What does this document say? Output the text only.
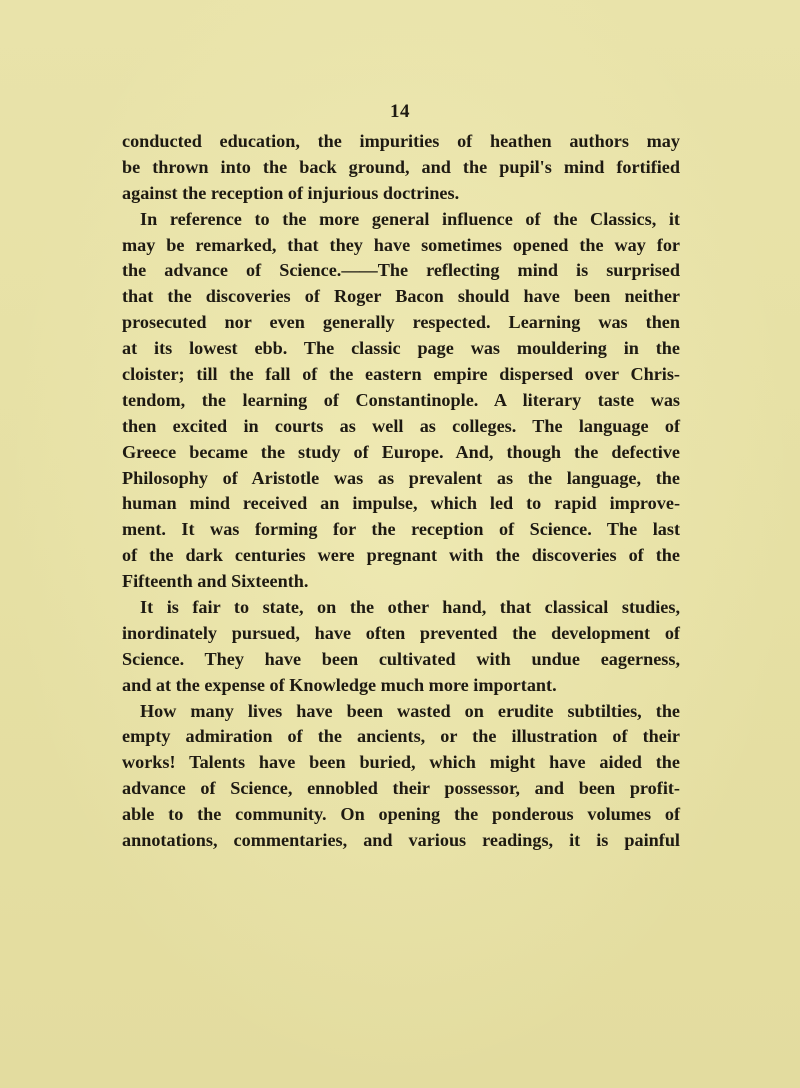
14
conducted education, the impurities of heathen authors may
be thrown into the back ground, and the pupil's mind fortified
against the reception of injurious doctrines.
In reference to the more general influence of the Classics, it
may be remarked, that they have sometimes opened the way for
the advance of Science.——The reflecting mind is surprised
that the discoveries of Roger Bacon should have been neither
prosecuted nor even generally respected. Learning was then
at its lowest ebb. The classic page was mouldering in the
cloister; till the fall of the eastern empire dispersed over Chris-
tendom, the learning of Constantinople. A literary taste was
then excited in courts as well as colleges. The language of
Greece became the study of Europe. And, though the defective
Philosophy of Aristotle was as prevalent as the language, the
human mind received an impulse, which led to rapid improve-
ment. It was forming for the reception of Science. The last
of the dark centuries were pregnant with the discoveries of the
Fifteenth and Sixteenth.
It is fair to state, on the other hand, that classical studies,
inordinately pursued, have often prevented the development of
Science. They have been cultivated with undue eagerness,
and at the expense of Knowledge much more important.
How many lives have been wasted on erudite subtilties, the
empty admiration of the ancients, or the illustration of their
works! Talents have been buried, which might have aided the
advance of Science, ennobled their possessor, and been profit-
able to the community. On opening the ponderous volumes of
annotations, commentaries, and various readings, it is painful
